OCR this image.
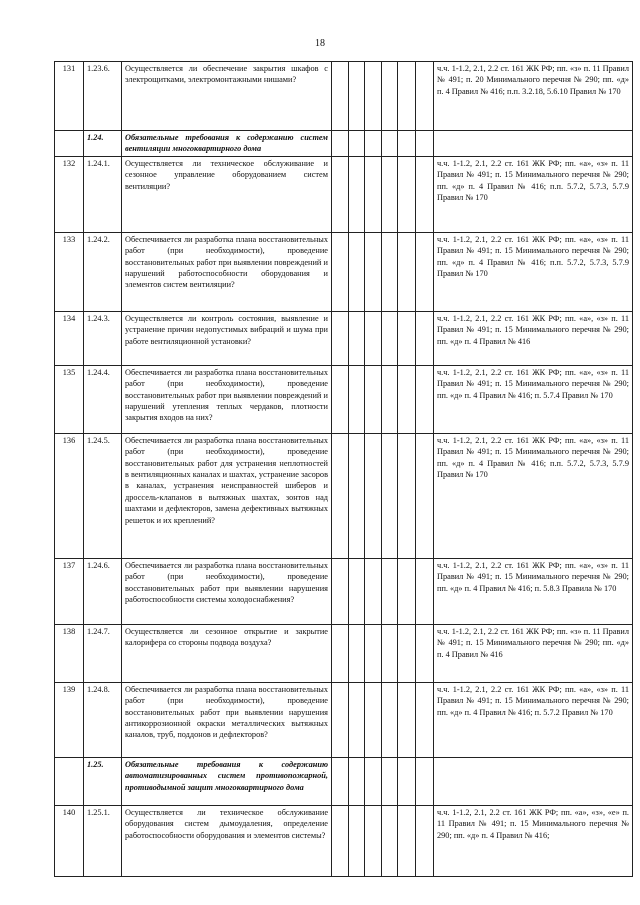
18
131	1.23.6.	Осуществляется ли обеспечение закрытия шкафов с электрощитками, электромонтажными нишами?							ч.ч. 1-1.2, 2.1, 2.2 ст. 161 ЖК РФ; пп. «з» п. 11 Правил № 491; п. 20 Минимального перечня № 290; пп. «д» п. 4 Правил № 416; п.п. 3.2.18, 5.6.10 Правил № 170
	1.24.	Обязательные требования к содержанию систем вентиляции многоквартирного дома							
132	1.24.1.	Осуществляется ли техническое обслуживание и сезонное управление оборудованием систем вентиляции?							ч.ч. 1-1.2, 2.1, 2.2 ст. 161 ЖК РФ; пп. «а», «з» п. 11 Правил № 491; п. 15 Минимального перечня № 290; пп. «д» п. 4 Правил № 416; п.п. 5.7.2, 5.7.3, 5.7.9 Правил № 170
133	1.24.2.	Обеспечивается ли разработка плана восстановительных работ (при необходимости), проведение восстановительных работ при выявлении повреждений и нарушений работоспособности оборудования и элементов систем вентиляции?							ч.ч. 1-1.2, 2.1, 2.2 ст. 161 ЖК РФ; пп. «а», «з» п. 11 Правил № 491; п. 15 Минимального перечня № 290; пп. «д» п. 4 Правил № 416; п.п. 5.7.2, 5.7.3, 5.7.9 Правил № 170
134	1.24.3.	Осуществляется ли контроль состояния, выявление и устранение причин недопустимых вибраций и шума при работе вентиляционной установки?							ч.ч. 1-1.2, 2.1, 2.2 ст. 161 ЖК РФ; пп. «а», «з» п. 11 Правил № 491; п. 15 Минимального перечня № 290; пп. «д» п. 4 Правил № 416
135	1.24.4.	Обеспечивается ли разработка плана восстановительных работ (при необходимости), проведение восстановительных работ при выявлении повреждений и нарушений утепления теплых чердаков, плотности закрытия входов на них?							ч.ч. 1-1.2, 2.1, 2.2 ст. 161 ЖК РФ; пп. «а», «з» п. 11 Правил № 491; п. 15 Минимального перечня № 290; пп. «д» п. 4 Правил № 416; п. 5.7.4 Правил № 170
136	1.24.5.	Обеспечивается ли разработка плана восстановительных работ (при необходимости), проведение восстановительных работ для устранения неплотностей в вентиляционных каналах и шахтах, устранение засоров в каналах, устранения неисправностей шиберов и дроссель-клапанов в вытяжных шахтах, зонтов над шахтами и дефлекторов, замена дефективных вытяжных решеток и их креплений?							ч.ч. 1-1.2, 2.1, 2.2 ст. 161 ЖК РФ; пп. «а», «з» п. 11 Правил № 491; п. 15 Минимального перечня № 290; пп. «д» п. 4 Правил № 416; п.п. 5.7.2, 5.7.3, 5.7.9 Правил № 170
137	1.24.6.	Обеспечивается ли разработка плана восстановительных работ (при необходимости), проведение восстановительных работ при выявлении нарушения работоспособности системы холодоснабжения?							ч.ч. 1-1.2, 2.1, 2.2 ст. 161 ЖК РФ; пп. «а», «з» п. 11 Правил № 491; п. 15 Минимального перечня № 290; пп. «д» п. 4 Правил № 416; п. 5.8.3 Правила № 170
138	1.24.7.	Осуществляется ли сезонное открытие и закрытие калорифера со стороны подвода воздуха?							ч.ч. 1-1.2, 2.1, 2.2 ст. 161 ЖК РФ; пп. «з» п. 11 Правил № 491; п. 15 Минимального перечня № 290; пп. «д» п. 4 Правил № 416
139	1.24.8.	Обеспечивается ли разработка плана восстановительных работ (при необходимости), проведение восстановительных работ при выявлении нарушения антикоррозионной окраски металлических вытяжных каналов, труб, поддонов и дефлекторов?							ч.ч. 1-1.2, 2.1, 2.2 ст. 161 ЖК РФ; пп. «а», «з» п. 11 Правил № 491; п. 15 Минимального перечня № 290; пп. «д» п. 4 Правил № 416; п. 5.7.2 Правил № 170
	1.25.	Обязательные требования к содержанию автоматизированных систем противопожарной, противодымной защит многоквартирного дома							
140	1.25.1.	Осуществляется ли техническое обслуживание оборудования систем дымоудаления, определение работоспособности оборудования и элементов системы?							ч.ч. 1-1.2, 2.1, 2.2 ст. 161 ЖК РФ; пп. «а», «з», «е» п. 11 Правил № 491; п. 15 Минимального перечня № 290; пп. «д» п. 4 Правил № 416;
